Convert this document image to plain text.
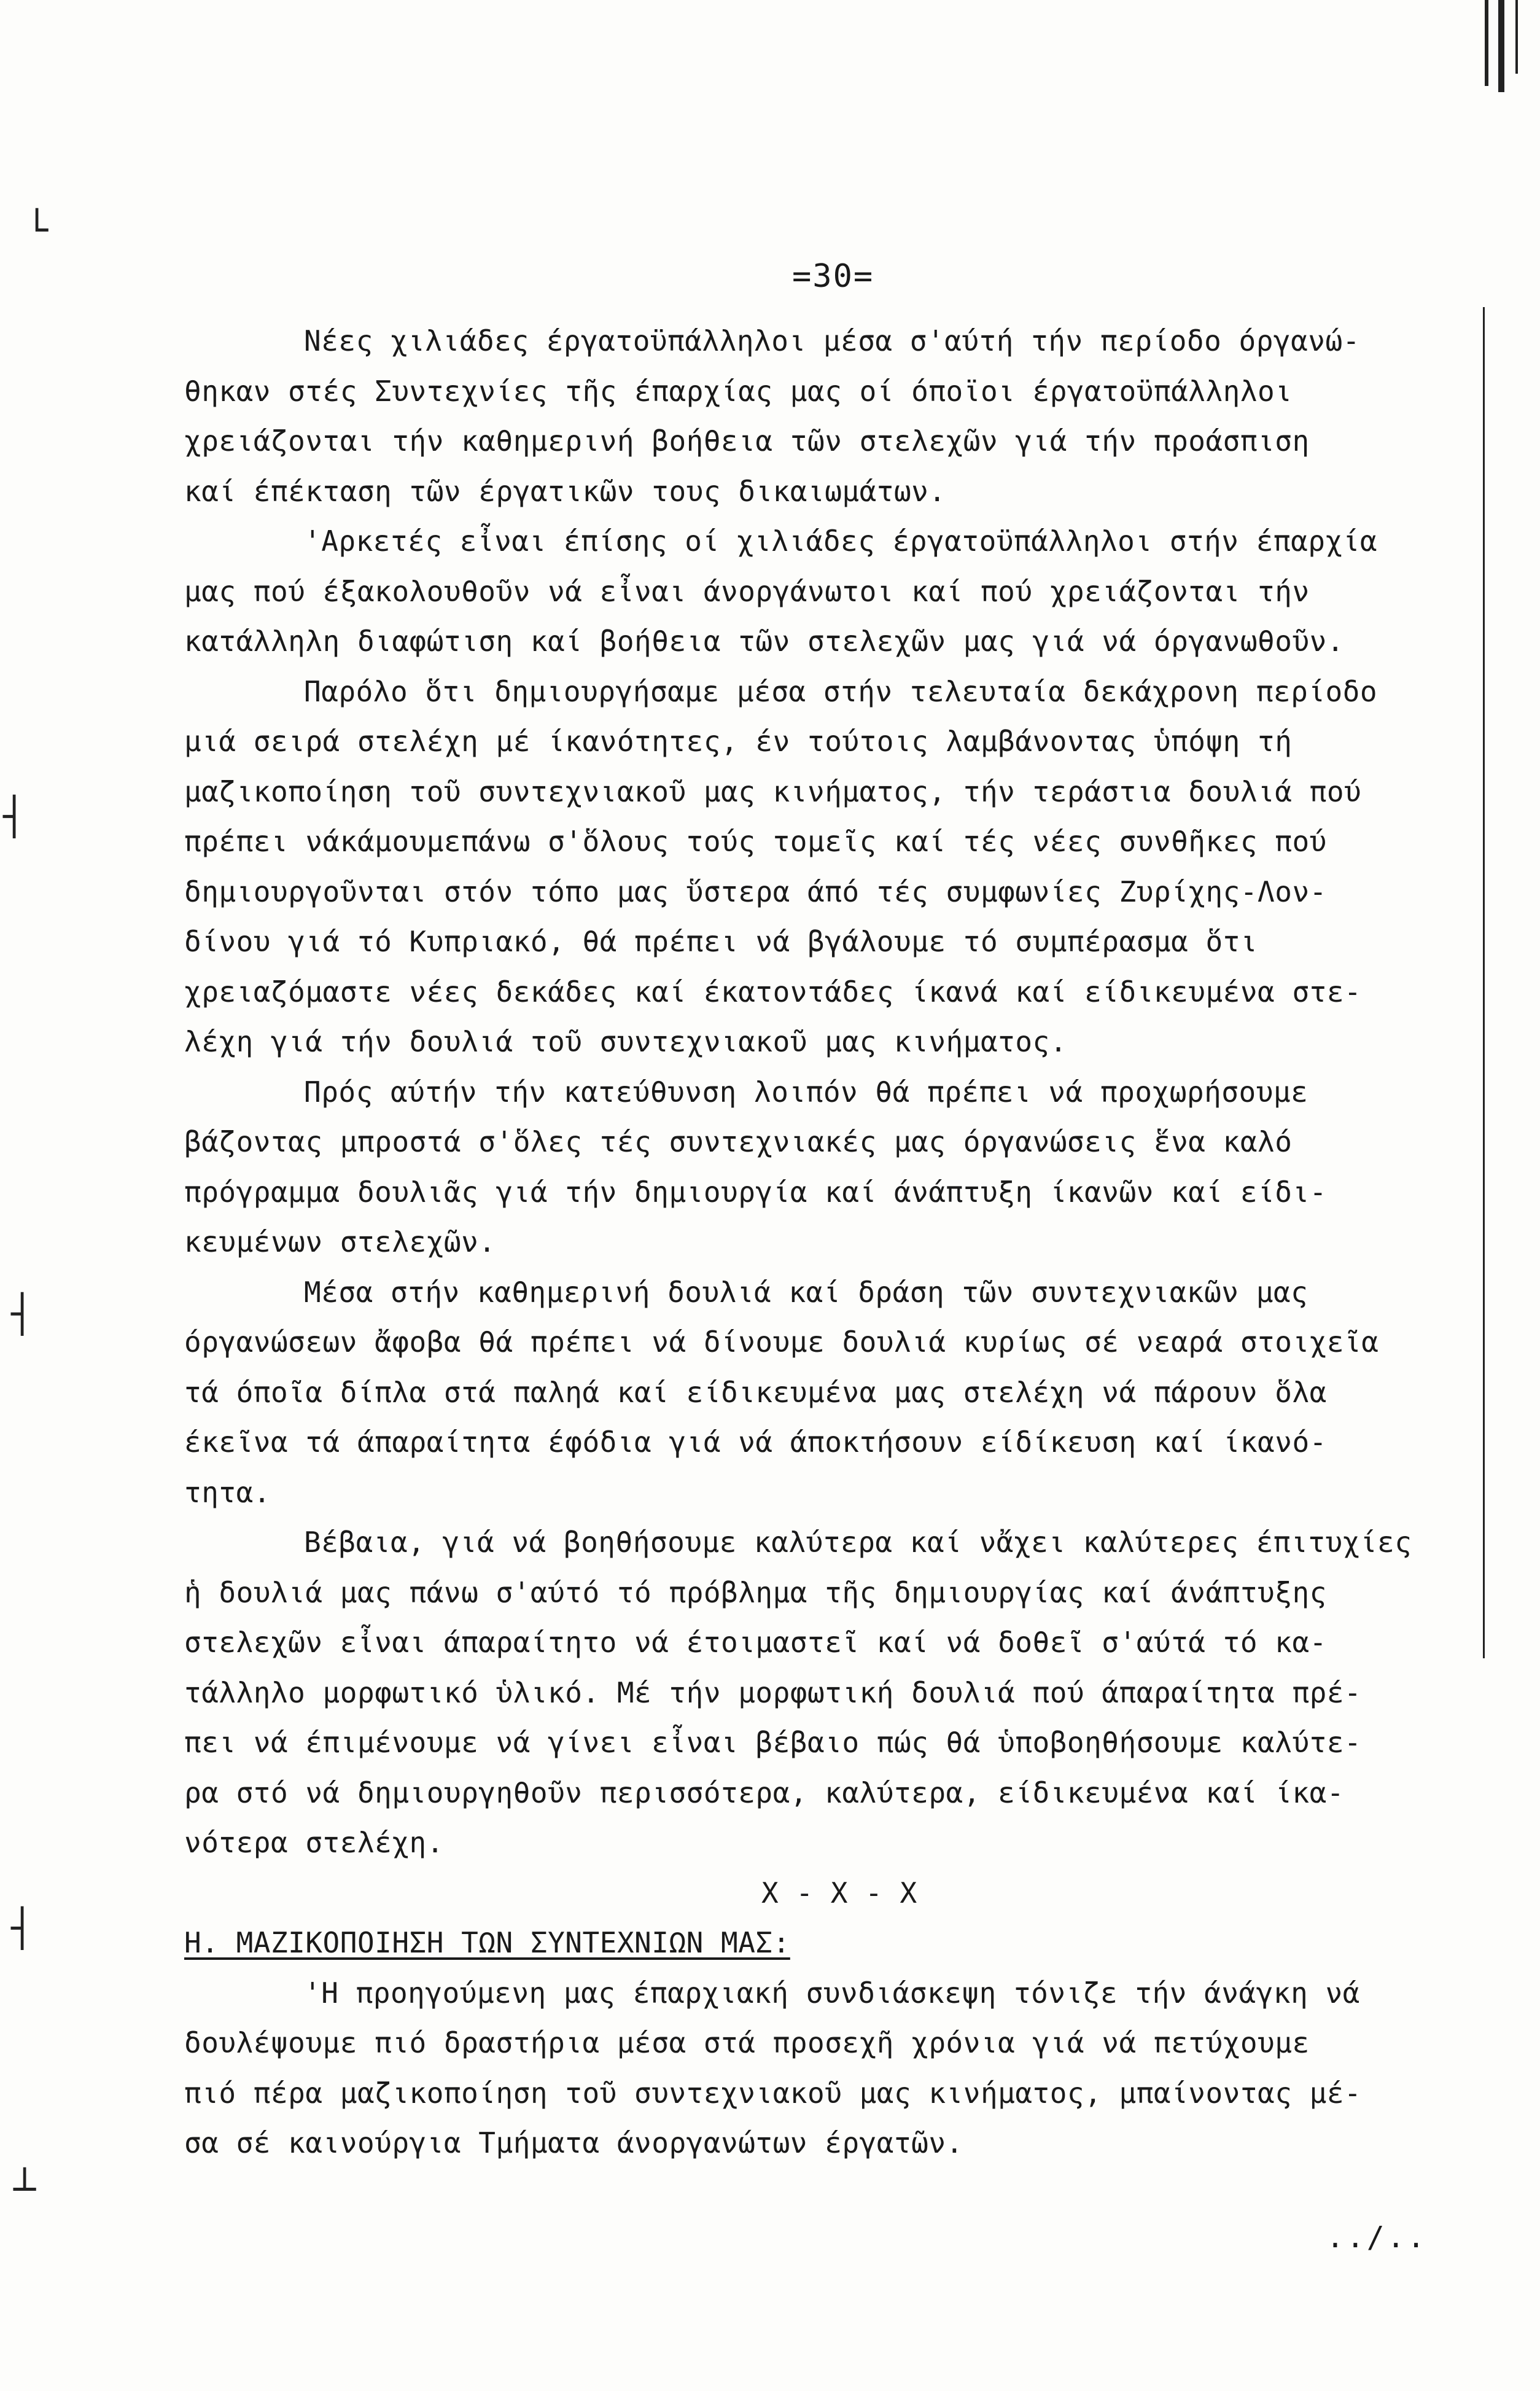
└
┤
┤
┤
┴
=30=
Νέες χιλιάδες έργατοϋπάλληλοι μέσα σ'αύτή τήν περίοδο όργανώ-
θηκαν στές Συντεχνίες τῆς έπαρχίας μας οί όποϊοι έργατοϋπάλληλοι
χρειάζονται τήν καθημερινή βοήθεια τῶν στελεχῶν γιά τήν προάσπιση
καί έπέκταση τῶν έργατικῶν τους δικαιωμάτων.
'Αρκετές εἶναι έπίσης οί χιλιάδες έργατοϋπάλληλοι στήν έπαρχία
μας πού έξακολουθοῦν νά εἶναι άνοργάνωτοι καί πού χρειάζονται τήν
κατάλληλη διαφώτιση καί βοήθεια τῶν στελεχῶν μας γιά νά όργανωθοῦν.
Παρόλο ὅτι δημιουργήσαμε μέσα στήν τελευταία δεκάχρονη περίοδο
μιά σειρά στελέχη μέ ίκανότητες, έν τούτοις λαμβάνοντας ὑπόψη τή
μαζικοποίηση τοῦ συντεχνιακοῦ μας κινήματος, τήν τεράστια δουλιά πού
πρέπει νάκάμουμεπάνω σ'ὅλους τούς τομεῖς καί τές νέες συνθῆκες πού
δημιουργοῦνται στόν τόπο μας ὕστερα άπό τές συμφωνίες Ζυρίχης-Λον-
δίνου γιά τό Κυπριακό, θά πρέπει νά βγάλουμε τό συμπέρασμα ὅτι
χρειαζόμαστε νέες δεκάδες καί έκατοντάδες ίκανά καί είδικευμένα στε-
λέχη γιά τήν δουλιά τοῦ συντεχνιακοῦ μας κινήματος.
Πρός αύτήν τήν κατεύθυνση λοιπόν θά πρέπει νά προχωρήσουμε
βάζοντας μπροστά σ'ὅλες τές συντεχνιακές μας όργανώσεις ἕνα καλό
πρόγραμμα δουλιᾶς γιά τήν δημιουργία καί άνάπτυξη ίκανῶν καί είδι-
κευμένων στελεχῶν.
Μέσα στήν καθημερινή δουλιά καί δράση τῶν συντεχνιακῶν μας
όργανώσεων ἄφοβα θά πρέπει νά δίνουμε δουλιά κυρίως σέ νεαρά στοιχεῖα
τά όποῖα δίπλα στά παληά καί είδικευμένα μας στελέχη νά πάρουν ὅλα
έκεῖνα τά άπαραίτητα έφόδια γιά νά άποκτήσουν είδίκευση καί ίκανό-
τητα.
Βέβαια, γιά νά βοηθήσουμε καλύτερα καί νἄχει καλύτερες έπιτυχίες
ἡ δουλιά μας πάνω σ'αύτό τό πρόβλημα τῆς δημιουργίας καί άνάπτυξης
στελεχῶν εἶναι άπαραίτητο νά έτοιμαστεῖ καί νά δοθεῖ σ'αύτά τό κα-
τάλληλο μορφωτικό ὑλικό. Μέ τήν μορφωτική δουλιά πού άπαραίτητα πρέ-
πει νά έπιμένουμε νά γίνει εἶναι βέβαιο πώς θά ὑποβοηθήσουμε καλύτε-
ρα στό νά δημιουργηθοῦν περισσότερα, καλύτερα, είδικευμένα καί ίκα-
νότερα στελέχη.
Χ - Χ - Χ
Η. ΜΑΖΙΚΟΠΟΙΗΣΗ ΤΩΝ ΣΥΝΤΕΧΝΙΩΝ ΜΑΣ:
'Η προηγούμενη μας έπαρχιακή συνδιάσκεψη τόνιζε τήν άνάγκη νά
δουλέψουμε πιό δραστήρια μέσα στά προσεχῆ χρόνια γιά νά πετύχουμε
πιό πέρα μαζικοποίηση τοῦ συντεχνιακοῦ μας κινήματος, μπαίνοντας μέ-
σα σέ καινούργια Τμήματα άνοργανώτων έργατῶν.
../..
